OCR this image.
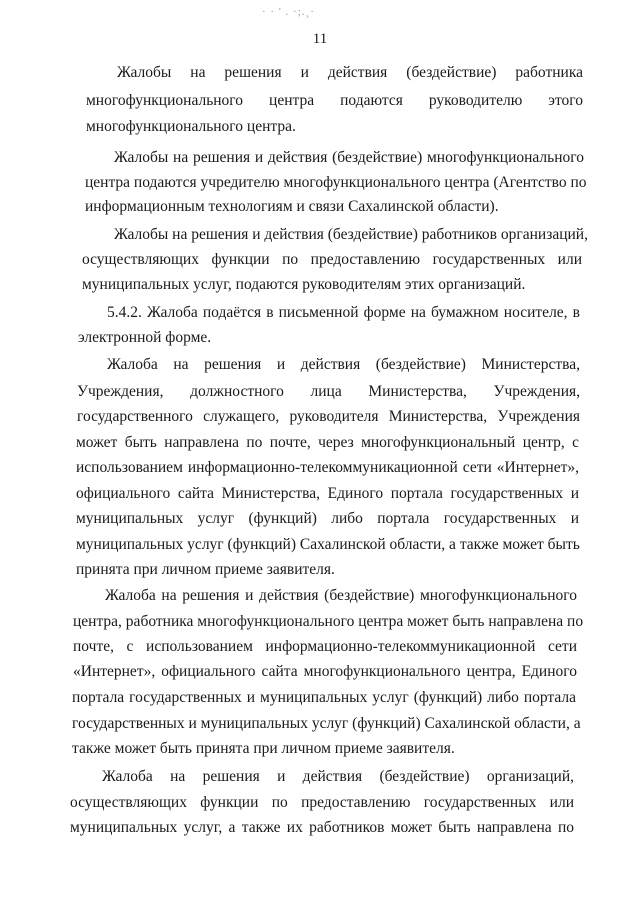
· · ' . ·;.¸·
11
Жалобы на решения и действия (бездействие) работника
многофункционального центра подаются руководителю этого
многофункционального центра.
Жалобы на решения и действия (бездействие) многофункционального
центра подаются учредителю многофункционального центра (Агентство по
информационным технологиям и связи Сахалинской области).
Жалобы на решения и действия (бездействие) работников организаций,
осуществляющих функции по предоставлению государственных или
муниципальных услуг, подаются руководителям этих организаций.
5.4.2. Жалоба подаётся в письменной форме на бумажном носителе, в
электронной форме.
Жалоба на решения и действия (бездействие) Министерства,
Учреждения, должностного лица Министерства, Учреждения,
государственного служащего, руководителя Министерства, Учреждения
может быть направлена по почте, через многофункциональный центр, с
использованием информационно-телекоммуникационной сети «Интернет»,
официального сайта Министерства, Единого портала государственных и
муниципальных услуг (функций) либо портала государственных и
муниципальных услуг (функций) Сахалинской области, а также может быть
принята при личном приеме заявителя.
Жалоба на решения и действия (бездействие) многофункционального
центра, работника многофункционального центра может быть направлена по
почте, с использованием информационно-телекоммуникационной сети
«Интернет», официального сайта многофункционального центра, Единого
портала государственных и муниципальных услуг (функций) либо портала
государственных и муниципальных услуг (функций) Сахалинской области, а
также может быть принята при личном приеме заявителя.
Жалоба на решения и действия (бездействие) организаций,
осуществляющих функции по предоставлению государственных или
муниципальных услуг, а также их работников может быть направлена по
